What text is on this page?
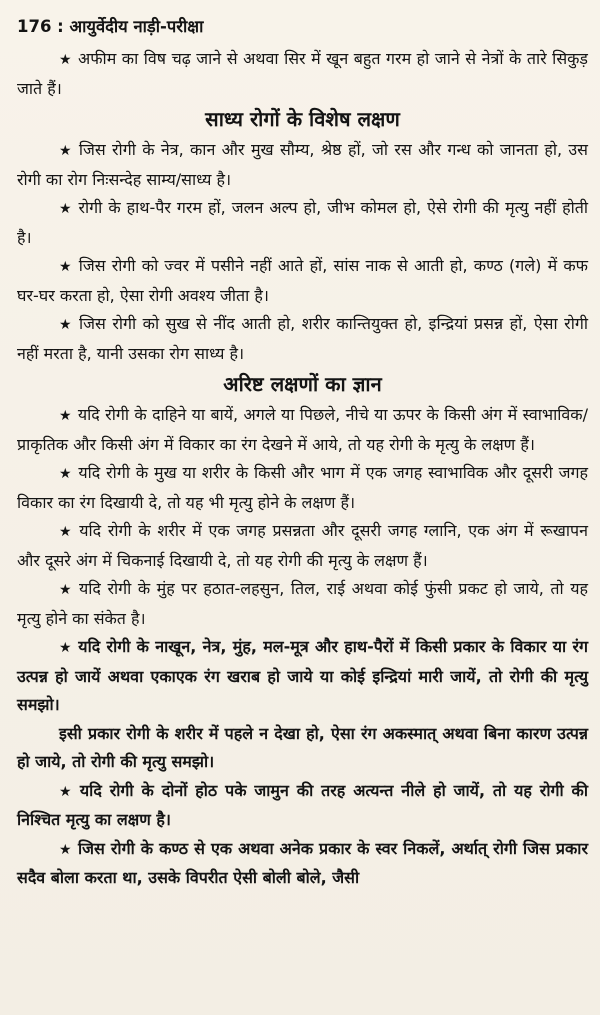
176 : आयुर्वेदीय नाड़ी-परीक्षा

★ अफीम का विष चढ़ जाने से अथवा सिर में खून बहुत गरम हो जाने से नेत्रों के तारे सिकुड़ जाते हैं।

साध्य रोगों के विशेष लक्षण

★ जिस रोगी के नेत्र, कान और मुख सौम्य, श्रेष्ठ हों, जो रस और गन्ध को जानता हो, उस रोगी का रोग निःसन्देह साम्य/साध्य है।

★ रोगी के हाथ-पैर गरम हों, जलन अल्प हो, जीभ कोमल हो, ऐसे रोगी की मृत्यु नहीं होती है।

★ जिस रोगी को ज्वर में पसीने नहीं आते हों, सांस नाक से आती हो, कण्ठ (गले) में कफ घर-घर करता हो, ऐसा रोगी अवश्य जीता है।

★ जिस रोगी को सुख से नींद आती हो, शरीर कान्तियुक्त हो, इन्द्रियां प्रसन्न हों, ऐसा रोगी नहीं मरता है, यानी उसका रोग साध्य है।

अरिष्ट लक्षणों का ज्ञान

★ यदि रोगी के दाहिने या बायें, अगले या पिछले, नीचे या ऊपर के किसी अंग में स्वाभाविक/प्राकृतिक और किसी अंग में विकार का रंग देखने में आये, तो यह रोगी के मृत्यु के लक्षण हैं।

★ यदि रोगी के मुख या शरीर के किसी और भाग में एक जगह स्वाभाविक और दूसरी जगह विकार का रंग दिखायी दे, तो यह भी मृत्यु होने के लक्षण हैं।

★ यदि रोगी के शरीर में एक जगह प्रसन्नता और दूसरी जगह ग्लानि, एक अंग में रूखापन और दूसरे अंग में चिकनाई दिखायी दे, तो यह रोगी की मृत्यु के लक्षण हैं।

★ यदि रोगी के मुंह पर हठात-लहसुन, तिल, राई अथवा कोई फुंसी प्रकट हो जाये, तो यह मृत्यु होने का संकेत है।

★ यदि रोगी के नाखून, नेत्र, मुंह, मल-मूत्र और हाथ-पैरों में किसी प्रकार के विकार या रंग उत्पन्न हो जायें अथवा एकाएक रंग खराब हो जाये या कोई इन्द्रियां मारी जायें, तो रोगी की मृत्यु समझो।

इसी प्रकार रोगी के शरीर में पहले न देखा हो, ऐसा रंग अकस्मात् अथवा बिना कारण उत्पन्न हो जाये, तो रोगी की मृत्यु समझो।

★ यदि रोगी के दोनों होठ पके जामुन की तरह अत्यन्त नीले हो जायें, तो यह रोगी की निश्चित मृत्यु का लक्षण है।

★ जिस रोगी के कण्ठ से एक अथवा अनेक प्रकार के स्वर निकलें, अर्थात् रोगी जिस प्रकार सदैव बोला करता था, उसके विपरीत ऐसी बोली बोले, जैसी
